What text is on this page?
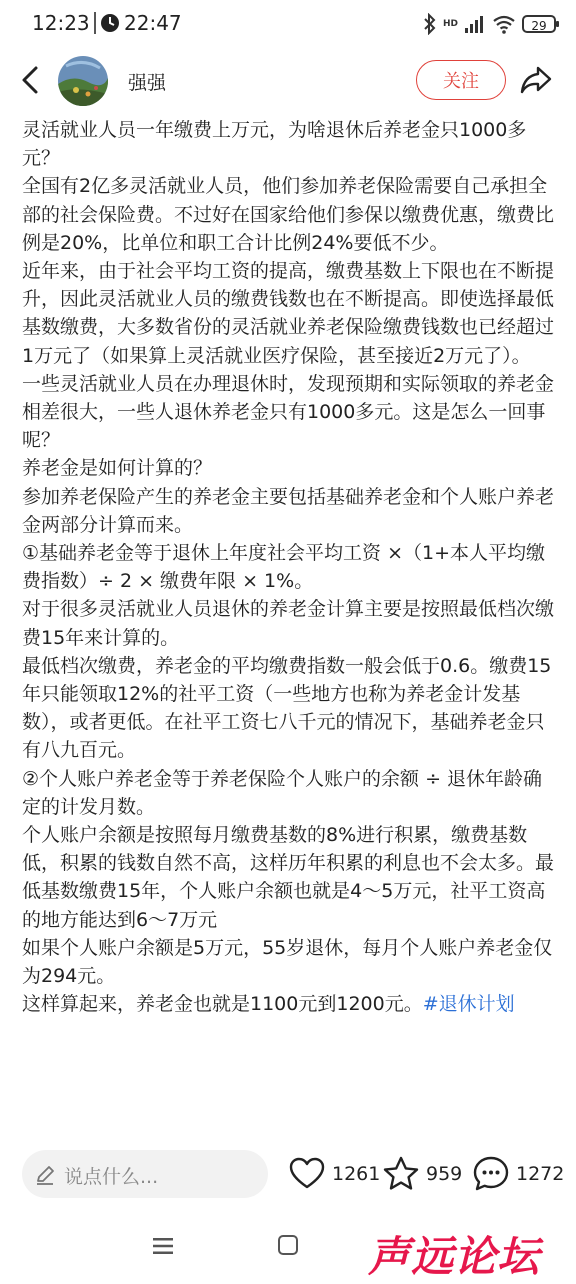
12:23 22:47	HD	29
强强	关注

灵活就业人员一年缴费上万元，为啥退休后养老金只1000多元？

全国有2亿多灵活就业人员，他们参加养老保险需要自己承担全部的社会保险费。不过好在国家给他们参保以缴费优惠，缴费比例是20%，比单位和职工合计比例24%要低不少。

近年来，由于社会平均工资的提高，缴费基数上下限也在不断提升，因此灵活就业人员的缴费钱数也在不断提高。即使选择最低基数缴费，大多数省份的灵活就业养老保险缴费钱数也已经超过1万元了（如果算上灵活就业医疗保险，甚至接近2万元了）。

一些灵活就业人员在办理退休时，发现预期和实际领取的养老金相差很大，一些人退休养老金只有1000多元。这是怎么一回事呢？

养老金是如何计算的？

参加养老保险产生的养老金主要包括基础养老金和个人账户养老金两部分计算而来。

①基础养老金等于退休上年度社会平均工资 ×（1+本人平均缴费指数）÷ 2 × 缴费年限 × 1%。

对于很多灵活就业人员退休的养老金计算主要是按照最低档次缴费15年来计算的。

最低档次缴费，养老金的平均缴费指数一般会低于0.6。缴费15年只能领取12%的社平工资（一些地方也称为养老金计发基数），或者更低。在社平工资七八千元的情况下，基础养老金只有八九百元。

②个人账户养老金等于养老保险个人账户的余额 ÷ 退休年龄确定的计发月数。

个人账户余额是按照每月缴费基数的8%进行积累，缴费基数低，积累的钱数自然不高，这样历年积累的利息也不会太多。最低基数缴费15年，个人账户余额也就是4～5万元，社平工资高的地方能达到6～7万元

如果个人账户余额是5万元，55岁退休，每月个人账户养老金仅为294元。

这样算起来，养老金也就是1100元到1200元。#退休计划

说点什么...	1261 959	1272
声远论坛
